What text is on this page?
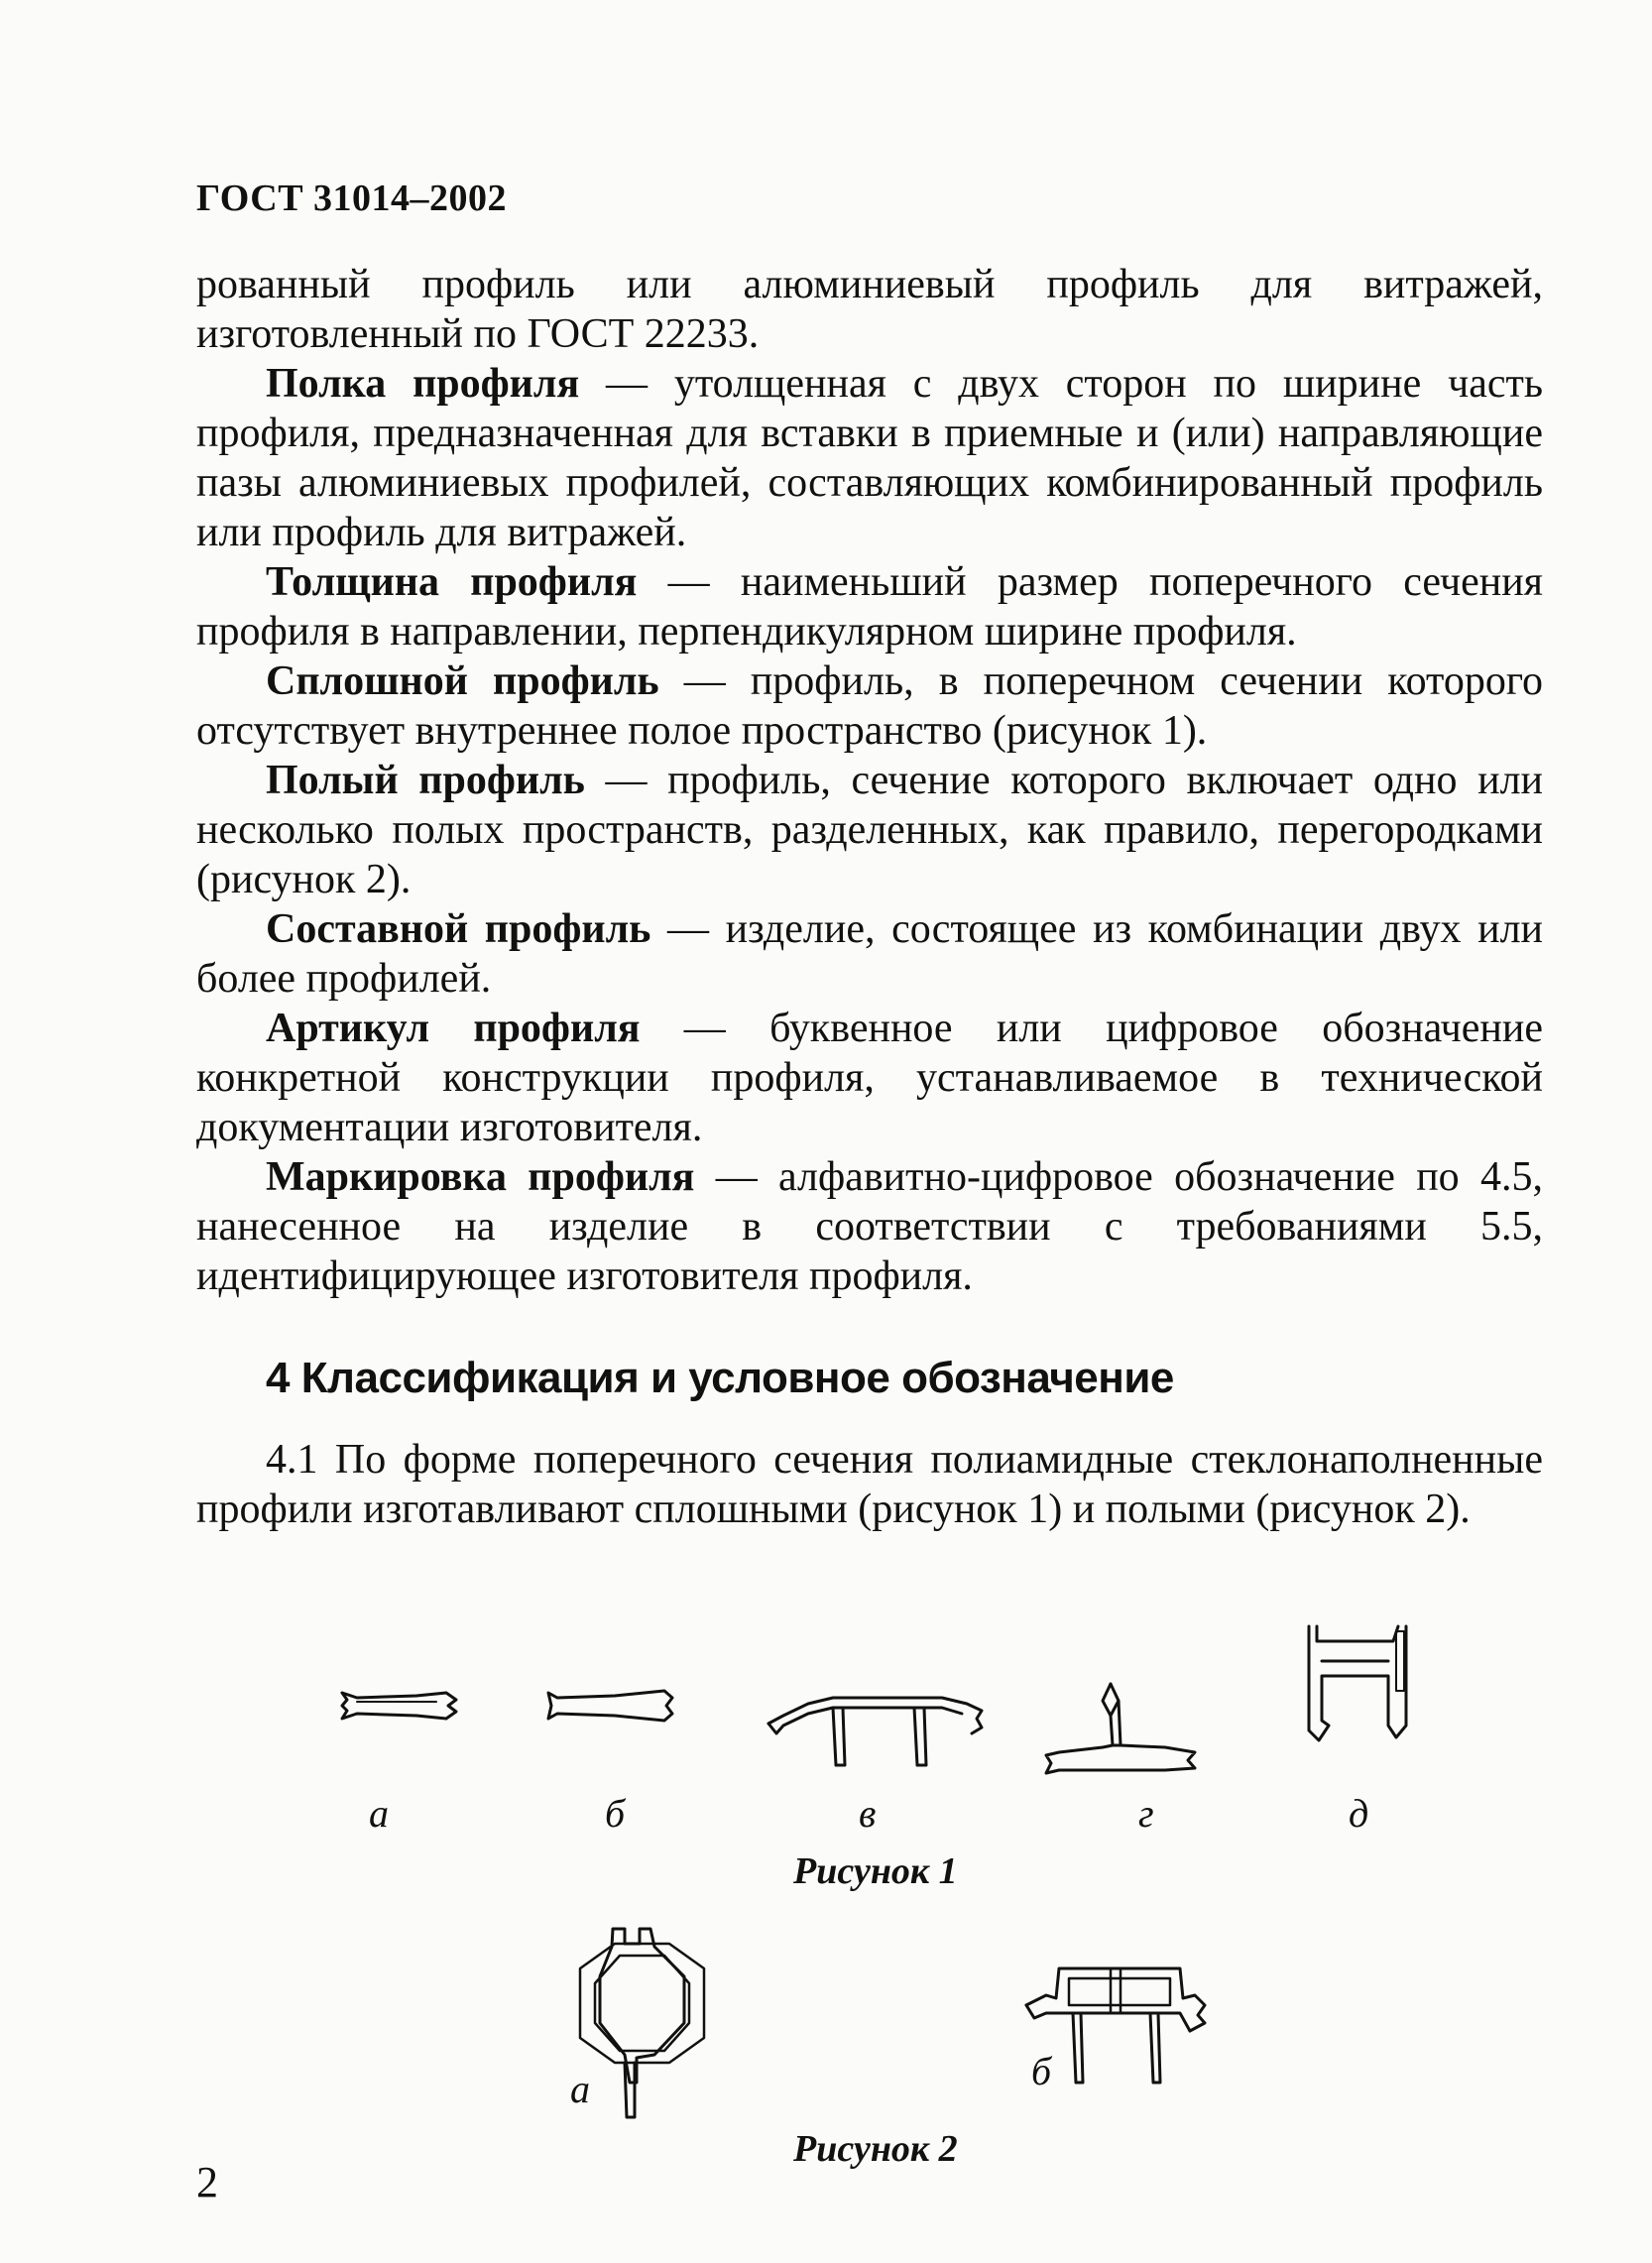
ГОСТ 31014–2002

рованный профиль или алюминиевый профиль для витражей, изготовленный по ГОСТ 22233.

Полка профиля — утолщенная с двух сторон по ширине часть профиля, предназначенная для вставки в приемные и (или) направляющие пазы алюминиевых профилей, составляющих комбинированный профиль или профиль для витражей.

Толщина профиля — наименьший размер поперечного сечения профиля в направлении, перпендикулярном ширине профиля.

Сплошной профиль — профиль, в поперечном сечении которого отсутствует внутреннее полое пространство (рисунок 1).

Полый профиль — профиль, сечение которого включает одно или несколько полых пространств, разделенных, как правило, перегородками (рисунок 2).

Составной профиль — изделие, состоящее из комбинации двух или более профилей.

Артикул профиля — буквенное или цифровое обозначение конкретной конструкции профиля, устанавливаемое в технической документации изготовителя.

Маркировка профиля — алфавитно-цифровое обозначение по 4.5, нанесенное на изделие в соответствии с требованиями 5.5, идентифицирующее изготовителя профиля.

4 Классификация и условное обозначение

4.1 По форме поперечного сечения полиамидные стеклонаполненные профили изготавливают сплошными (рисунок 1) и полыми (рисунок 2).

а	б	в	г	д
Рисунок 1
а	б
Рисунок 2
2
